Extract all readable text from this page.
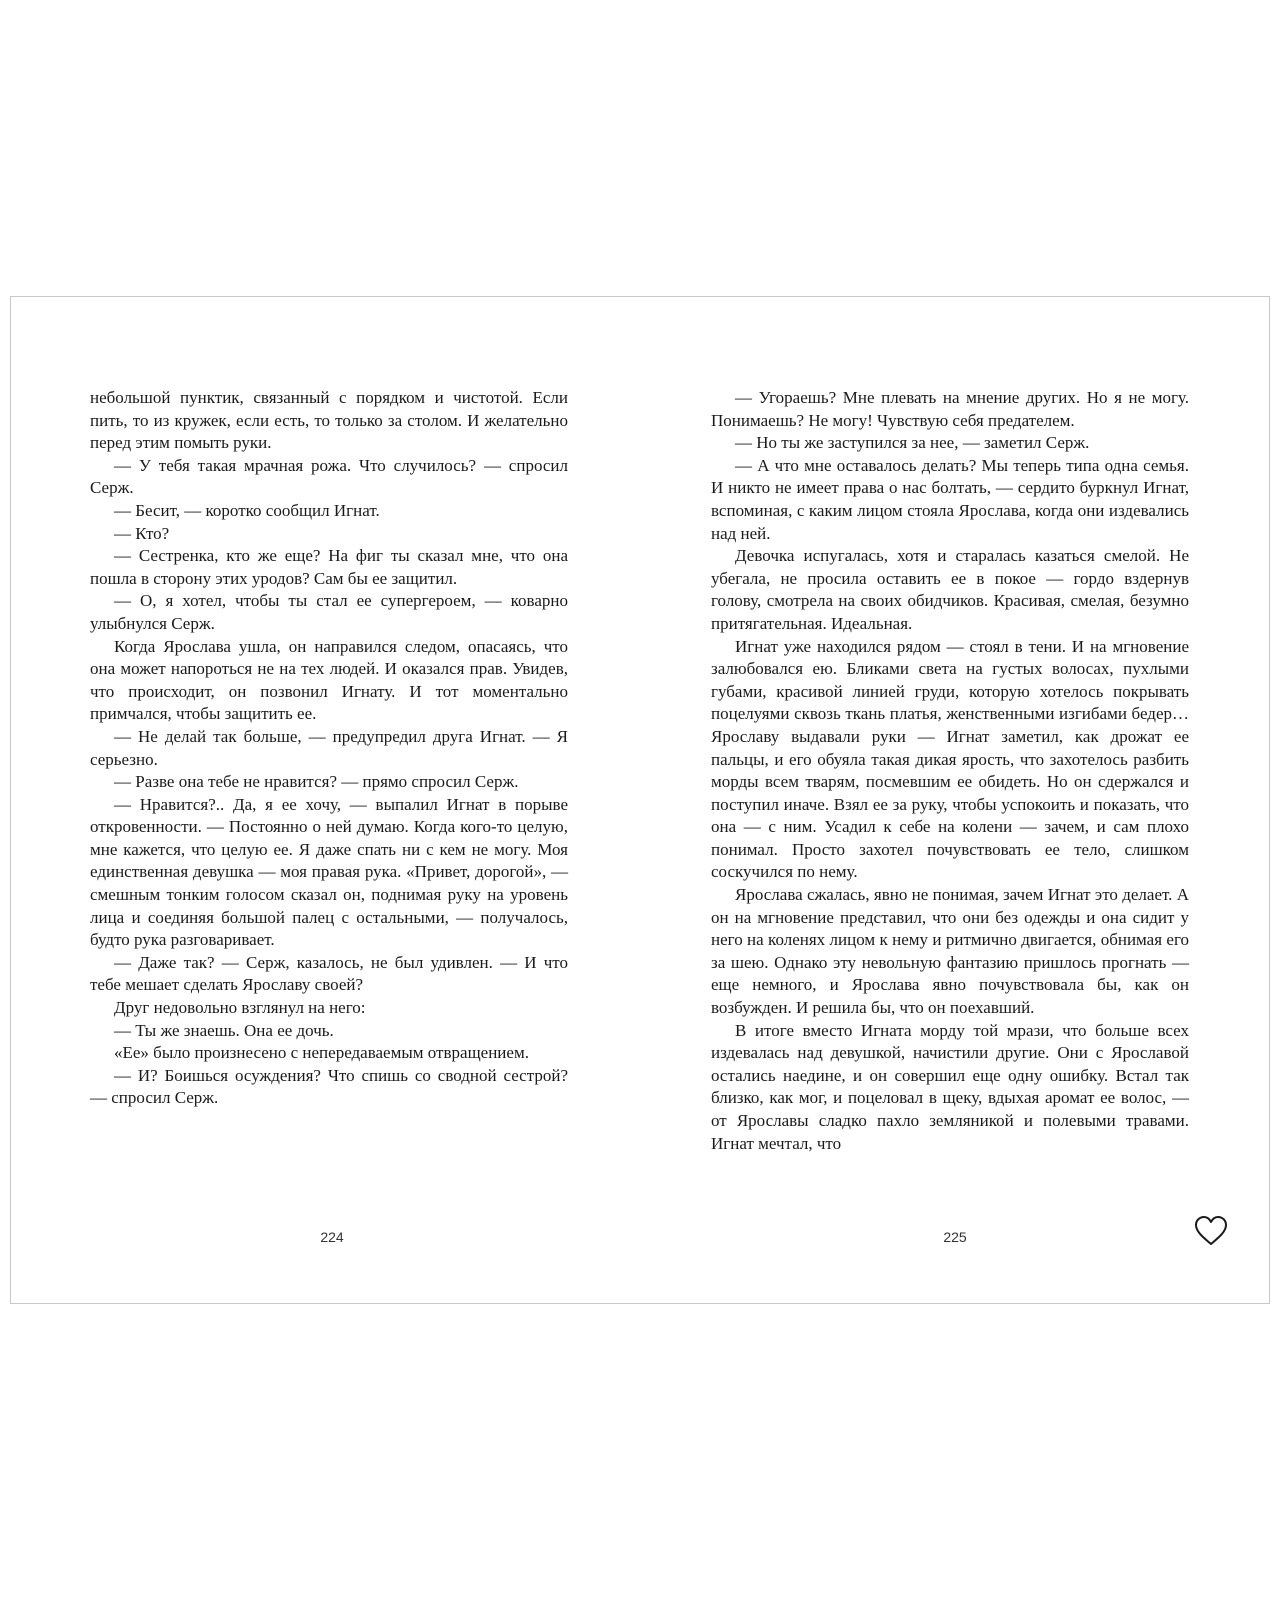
небольшой пунктик, связанный с порядком и чистотой. Если пить, то из кружек, если есть, то только за столом. И желательно перед этим помыть руки.

— У тебя такая мрачная рожа. Что случилось? — спросил Серж.

— Бесит, — коротко сообщил Игнат.

— Кто?

— Сестренка, кто же еще? На фиг ты сказал мне, что она пошла в сторону этих уродов? Сам бы ее защитил.

— О, я хотел, чтобы ты стал ее супергероем, — коварно улыбнулся Серж.

Когда Ярослава ушла, он направился следом, опасаясь, что она может напороться не на тех людей. И оказался прав. Увидев, что происходит, он позвонил Игнату. И тот моментально примчался, чтобы защитить ее.

— Не делай так больше, — предупредил друга Игнат. — Я серьезно.

— Разве она тебе не нравится? — прямо спросил Серж.

— Нравится?.. Да, я ее хочу, — выпалил Игнат в порыве откровенности. — Постоянно о ней думаю. Когда кого-то целую, мне кажется, что целую ее. Я даже спать ни с кем не могу. Моя единственная девушка — моя правая рука. «Привет, дорогой», — смешным тонким голосом сказал он, поднимая руку на уровень лица и соединяя большой палец с остальными, — получалось, будто рука разговаривает.

— Даже так? — Серж, казалось, не был удивлен. — И что тебе мешает сделать Ярославу своей?

Друг недовольно взглянул на него:

— Ты же знаешь. Она ее дочь.

«Ее» было произнесено с непередаваемым отвращением.

— И? Боишься осуждения? Что спишь со сводной сестрой? — спросил Серж.

— Угораешь? Мне плевать на мнение других. Но я не могу. Понимаешь? Не могу! Чувствую себя предателем.

— Но ты же заступился за нее, — заметил Серж.

— А что мне оставалось делать? Мы теперь типа одна семья. И никто не имеет права о нас болтать, — сердито буркнул Игнат, вспоминая, с каким лицом стояла Ярослава, когда они издевались над ней.

Девочка испугалась, хотя и старалась казаться смелой. Не убегала, не просила оставить ее в покое — гордо вздернув голову, смотрела на своих обидчиков. Красивая, смелая, безумно притягательная. Идеальная.

Игнат уже находился рядом — стоял в тени. И на мгновение залюбовался ею. Бликами света на густых волосах, пухлыми губами, красивой линией груди, которую хотелось покрывать поцелуями сквозь ткань платья, женственными изгибами бедер… Ярославу выдавали руки — Игнат заметил, как дрожат ее пальцы, и его обуяла такая дикая ярость, что захотелось разбить морды всем тварям, посмевшим ее обидеть. Но он сдержался и поступил иначе. Взял ее за руку, чтобы успокоить и показать, что она — с ним. Усадил к себе на колени — зачем, и сам плохо понимал. Просто захотел почувствовать ее тело, слишком соскучился по нему.

Ярослава сжалась, явно не понимая, зачем Игнат это делает. А он на мгновение представил, что они без одежды и она сидит у него на коленях лицом к нему и ритмично двигается, обнимая его за шею. Однако эту невольную фантазию пришлось прогнать — еще немного, и Ярослава явно почувствовала бы, как он возбужден. И решила бы, что он поехавший.

В итоге вместо Игната морду той мрази, что больше всех издевалась над девушкой, начистили другие. Они с Ярославой остались наедине, и он совершил еще одну ошибку. Встал так близко, как мог, и поцеловал в щеку, вдыхая аромат ее волос, — от Ярославы сладко пахло земляникой и полевыми травами. Игнат мечтал, что

224	225
